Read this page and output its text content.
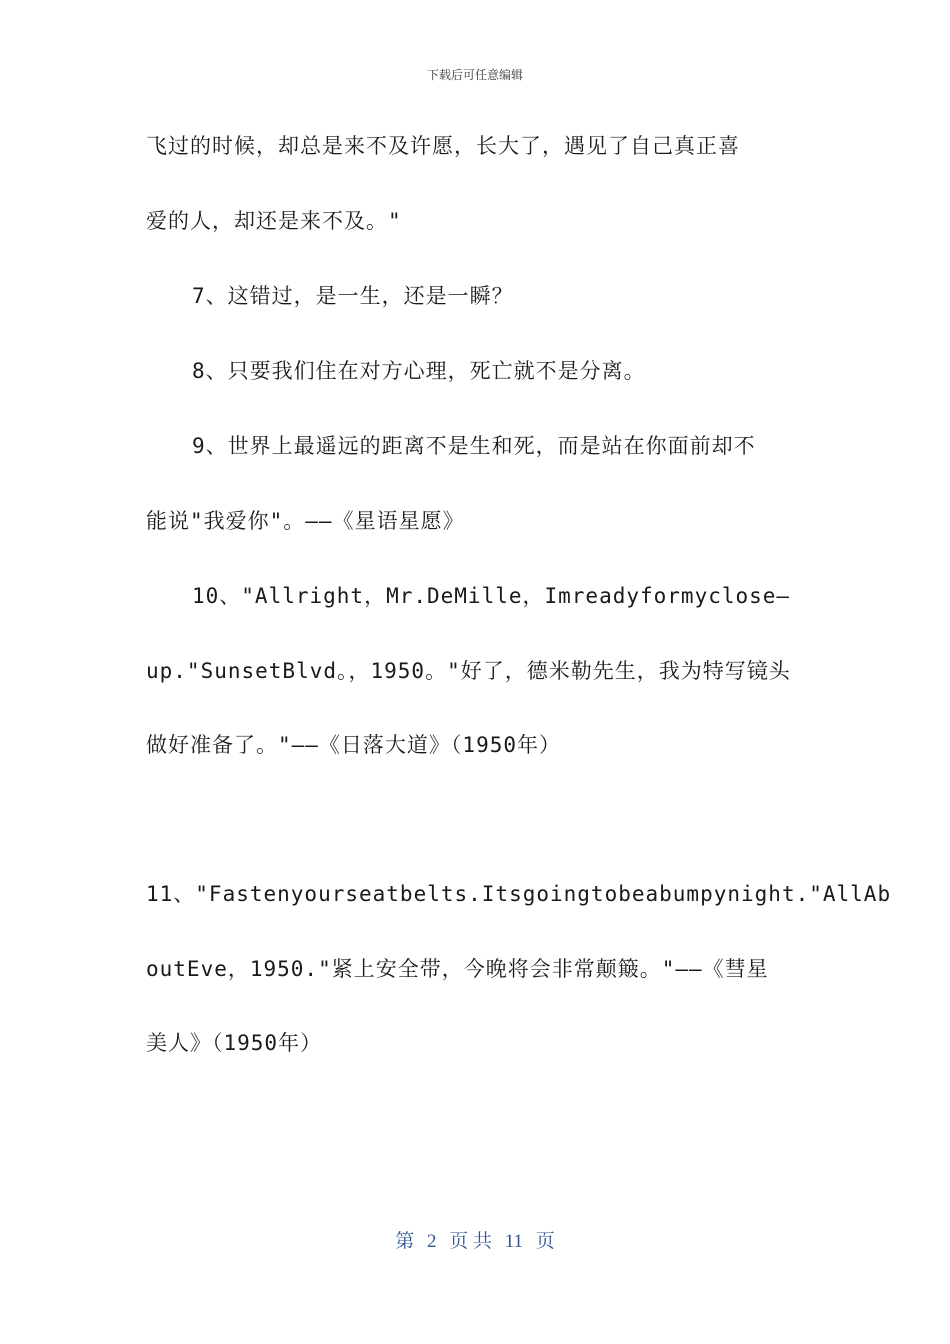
下载后可任意编辑
飞过的时候，却总是来不及许愿，长大了，遇见了自己真正喜
爱的人，却还是来不及。"
7、这错过，是一生，还是一瞬？
8、只要我们住在对方心理，死亡就不是分离。
9、世界上最遥远的距离不是生和死，而是站在你面前却不
能说"我爱你"。——《星语星愿》
10、"Allright，Mr.DeMille，Imreadyformyclose—
up."SunsetBlvd。，1950。"好了，德米勒先生，我为特写镜头
做好准备了。"——《日落大道》（1950年）
11、"Fastenyourseatbelts.Itsgoingtobeabumpynight."AllAb
outEve，1950."紧上安全带，今晚将会非常颠簸。"——《彗星
美人》（1950年）
第 2 页 共 11 页
